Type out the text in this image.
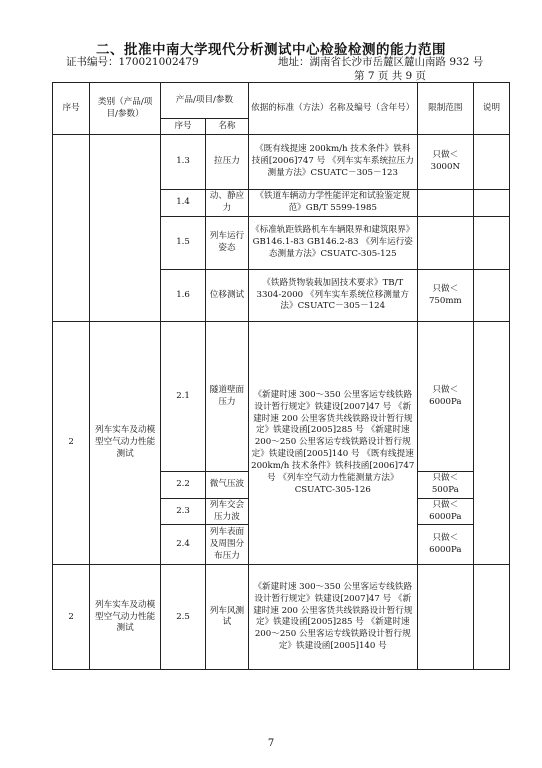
二、批准中南大学现代分析测试中心检验检测的能力范围
证书编号：170021002479	地址：湖南省长沙市岳麓区麓山南路 932 号
第 7 页 共 9 页
序号	类别（产品/项目/参数）	产品/项目/参数		依据的标准（方法）名称及编号（含年号）	限制范围	说明
		序号	名称			
		1.3	拉压力	《既有线提速 200km/h 技术条件》铁科技函[2006]747 号 《列车实车系统拉压力测量方法》CSUATC－305－123	只做＜3000N	
		1.4	动、静应力	《铁道车辆动力学性能评定和试验鉴定规范》GB/T 5599-1985		
		1.5	列车运行姿态	《标准轨距铁路机车车辆限界和建筑限界》GB146.1-83 GB146.2-83 《列车运行姿态测量方法》CSUATC-305-125		
		1.6	位移测试	《铁路货物装载加固技术要求》TB/T 3304-2000 《列车实车系统位移测量方法》CSUATC－305－124	只做＜750mm	
2	列车实车及动模型空气动力性能测试	2.1	隧道壁面压力	《新建时速 300～350 公里客运专线铁路设计暂行规定》铁建设[2007]47 号 《新建时速 200 公里客货共线铁路设计暂行规定》铁建设函[2005]285 号 《新建时速 200～250 公里客运专线铁路设计暂行规定》铁建设函[2005]140 号 《既有线提速 200km/h 技术条件》铁科技函[2006]747 号 《列车空气动力性能测量方法》CSUATC-305-126	只做＜6000Pa	
		2.2	微气压波		只做＜500Pa	
		2.3	列车交会压力波		只做＜6000Pa	
		2.4	列车表面及周围分布压力		只做＜6000Pa	
2	列车实车及动模型空气动力性能测试	2.5	列车风测试	《新建时速 300～350 公里客运专线铁路设计暂行规定》铁建设[2007]47 号 《新建时速 200 公里客货共线铁路设计暂行规定》铁建设函[2005]285 号 《新建时速 200～250 公里客运专线铁路设计暂行规定》铁建设函[2005]140 号		
7
